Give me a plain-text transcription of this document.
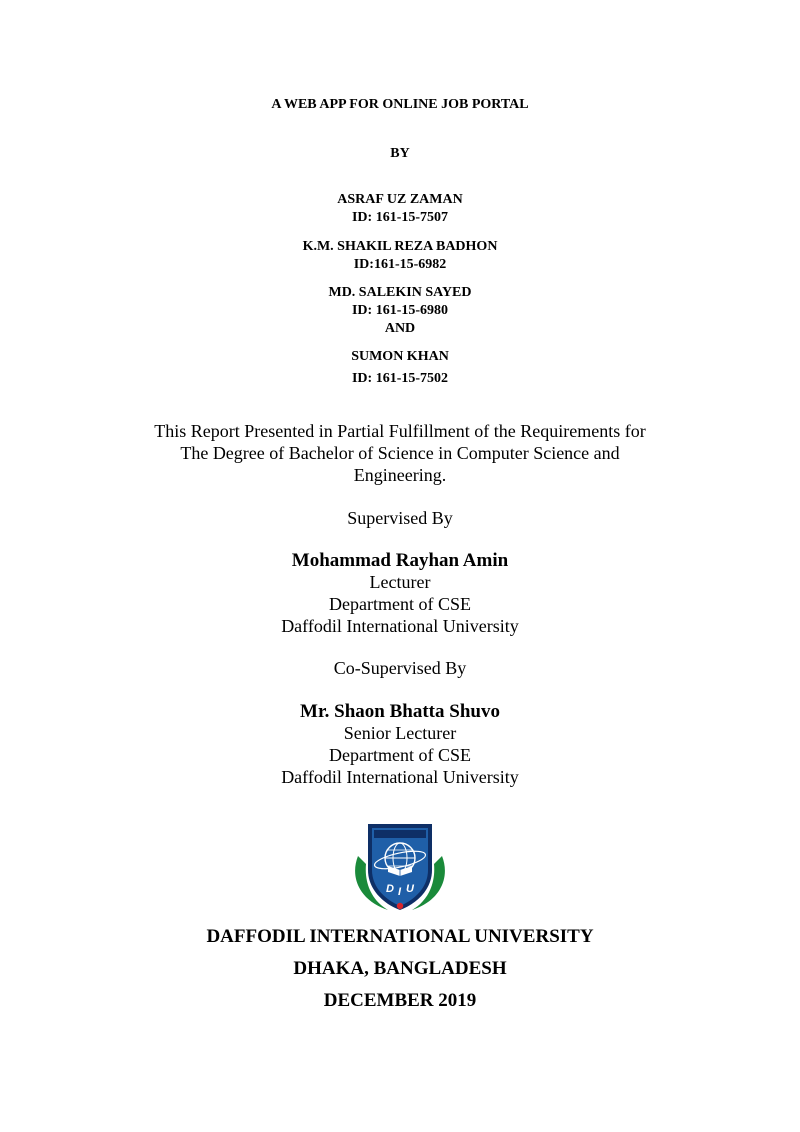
A WEB APP FOR ONLINE JOB PORTAL
BY
ASRAF UZ ZAMAN
ID: 161-15-7507
K.M. SHAKIL REZA BADHON
ID:161-15-6982
MD. SALEKIN SAYED
ID: 161-15-6980
AND
SUMON KHAN
ID: 161-15-7502
This Report Presented in Partial Fulfillment of the Requirements for
The Degree of Bachelor of Science in Computer Science and
Engineering.
Supervised By
Mohammad Rayhan Amin
Lecturer
Department of CSE
Daffodil International University
Co-Supervised By
Mr. Shaon Bhatta Shuvo
Senior Lecturer
Department of CSE
Daffodil International University
D I U
DAFFODIL INTERNATIONAL UNIVERSITY
DHAKA, BANGLADESH
DECEMBER 2019
